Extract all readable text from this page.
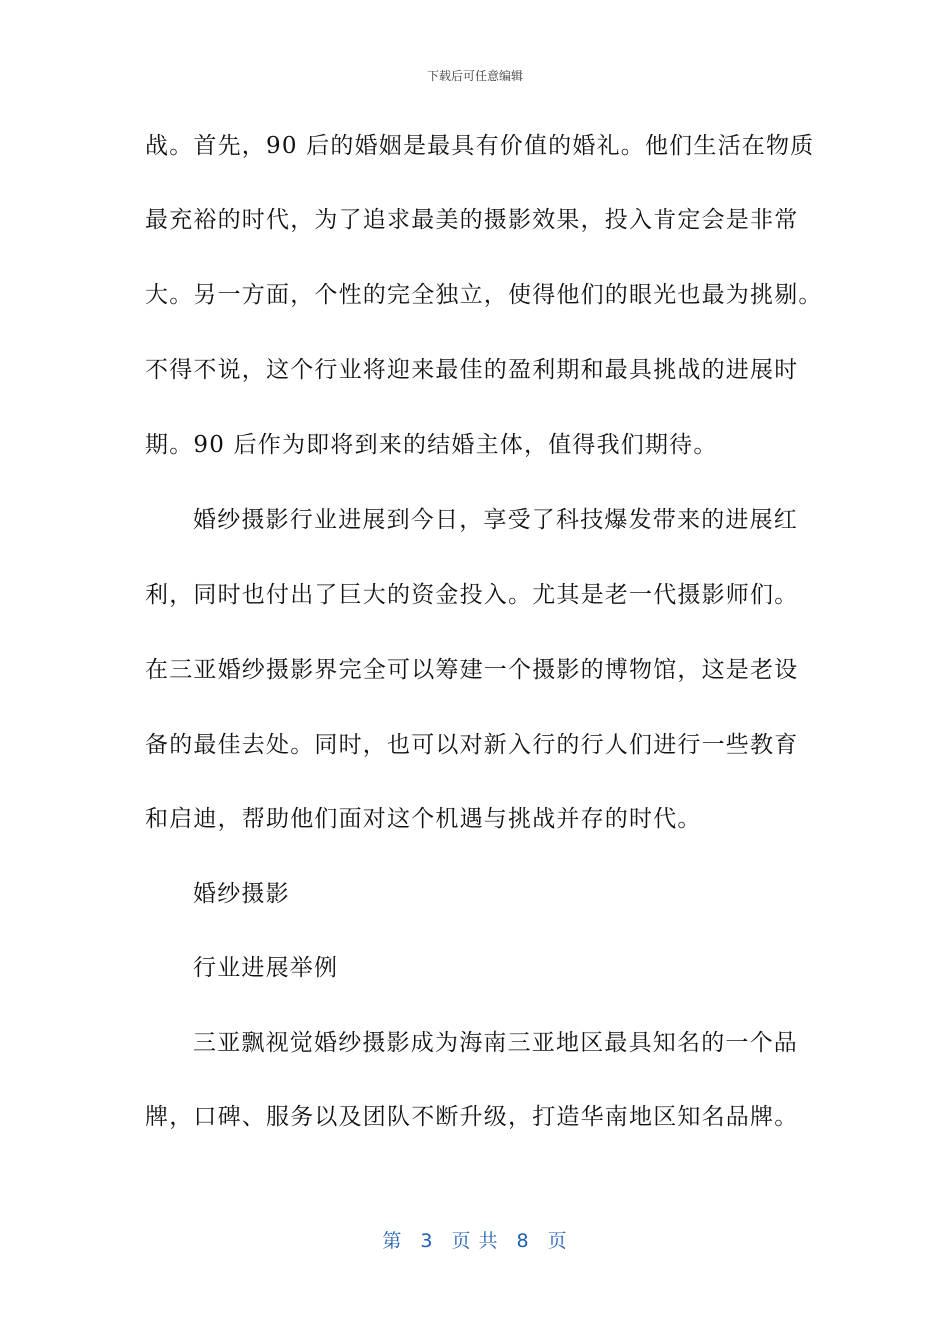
下载后可任意编辑
战。首先，90 后的婚姻是最具有价值的婚礼。他们生活在物质
最充裕的时代，为了追求最美的摄影效果，投入肯定会是非常
大。另一方面，个性的完全独立，使得他们的眼光也最为挑剔。
不得不说，这个行业将迎来最佳的盈利期和最具挑战的进展时
期。90 后作为即将到来的结婚主体，值得我们期待。
婚纱摄影行业进展到今日，享受了科技爆发带来的进展红
利，同时也付出了巨大的资金投入。尤其是老一代摄影师们。
在三亚婚纱摄影界完全可以筹建一个摄影的博物馆，这是老设
备的最佳去处。同时，也可以对新入行的行人们进行一些教育
和启迪，帮助他们面对这个机遇与挑战并存的时代。
婚纱摄影
行业进展举例
三亚飘视觉婚纱摄影成为海南三亚地区最具知名的一个品
牌，口碑、服务以及团队不断升级，打造华南地区知名品牌。
第 3 页 共 8 页
